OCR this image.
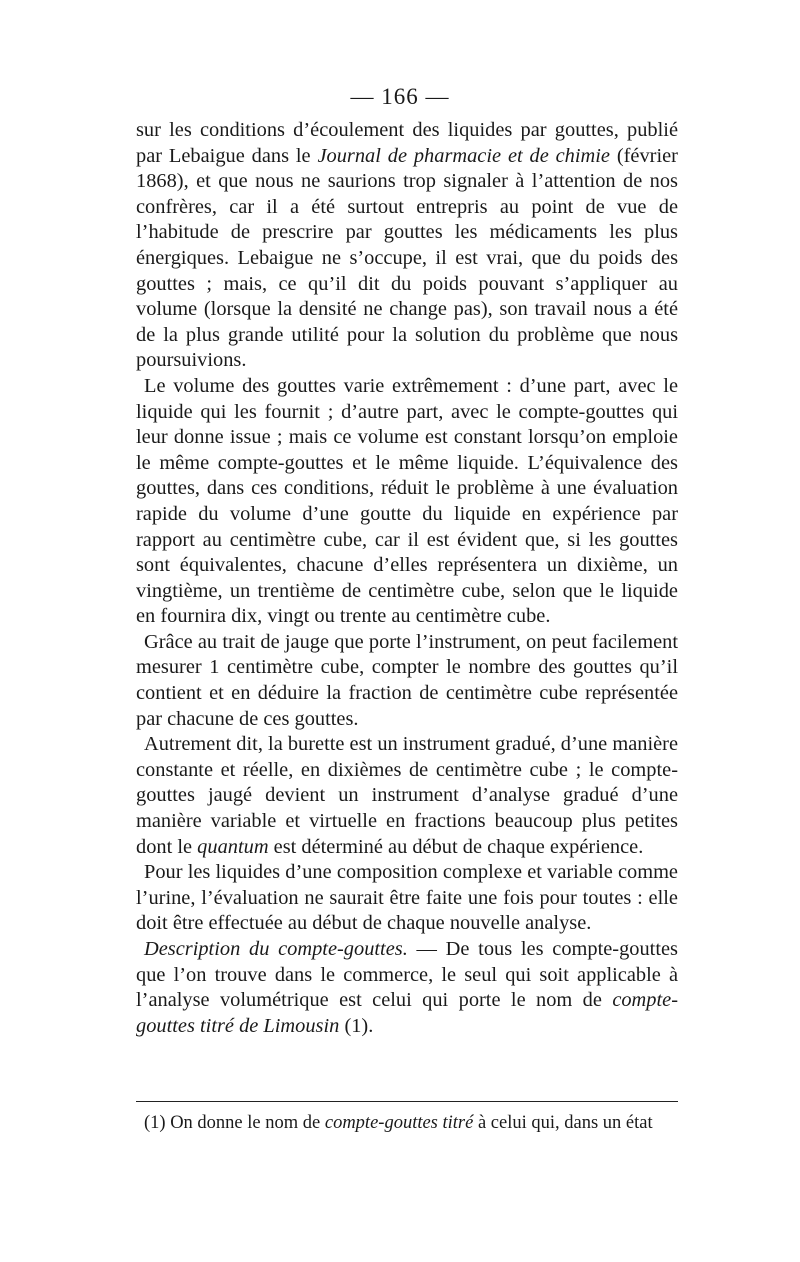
— 166 —

sur les conditions d’écoulement des liquides par gouttes, publié par Lebaigue dans le Journal de pharmacie et de chimie (février 1868), et que nous ne saurions trop signaler à l’attention de nos confrères, car il a été surtout entrepris au point de vue de l’habitude de prescrire par gouttes les médicaments les plus énergiques. Lebaigue ne s’occupe, il est vrai, que du poids des gouttes ; mais, ce qu’il dit du poids pouvant s’appliquer au volume (lorsque la densité ne change pas), son travail nous a été de la plus grande utilité pour la solution du problème que nous poursuivions.

Le volume des gouttes varie extrêmement : d’une part, avec le liquide qui les fournit ; d’autre part, avec le compte-gouttes qui leur donne issue ; mais ce volume est constant lorsqu’on emploie le même compte-gouttes et le même liquide. L’équivalence des gouttes, dans ces conditions, réduit le problème à une évaluation rapide du volume d’une goutte du liquide en expérience par rapport au centimètre cube, car il est évident que, si les gouttes sont équivalentes, chacune d’elles représentera un dixième, un vingtième, un trentième de centimètre cube, selon que le liquide en fournira dix, vingt ou trente au centimètre cube.

Grâce au trait de jauge que porte l’instrument, on peut facilement mesurer 1 centimètre cube, compter le nombre des gouttes qu’il contient et en déduire la fraction de centimètre cube représentée par chacune de ces gouttes.

Autrement dit, la burette est un instrument gradué, d’une manière constante et réelle, en dixièmes de centimètre cube ; le compte-gouttes jaugé devient un instrument d’analyse gradué d’une manière variable et virtuelle en fractions beaucoup plus petites dont le quantum est déterminé au début de chaque expérience.

Pour les liquides d’une composition complexe et variable comme l’urine, l’évaluation ne saurait être faite une fois pour toutes : elle doit être effectuée au début de chaque nouvelle analyse.

Description du compte-gouttes. — De tous les compte-gouttes que l’on trouve dans le commerce, le seul qui soit applicable à l’analyse volumétrique est celui qui porte le nom de compte-gouttes titré de Limousin (1).

(1) On donne le nom de compte-gouttes titré à celui qui, dans un état
